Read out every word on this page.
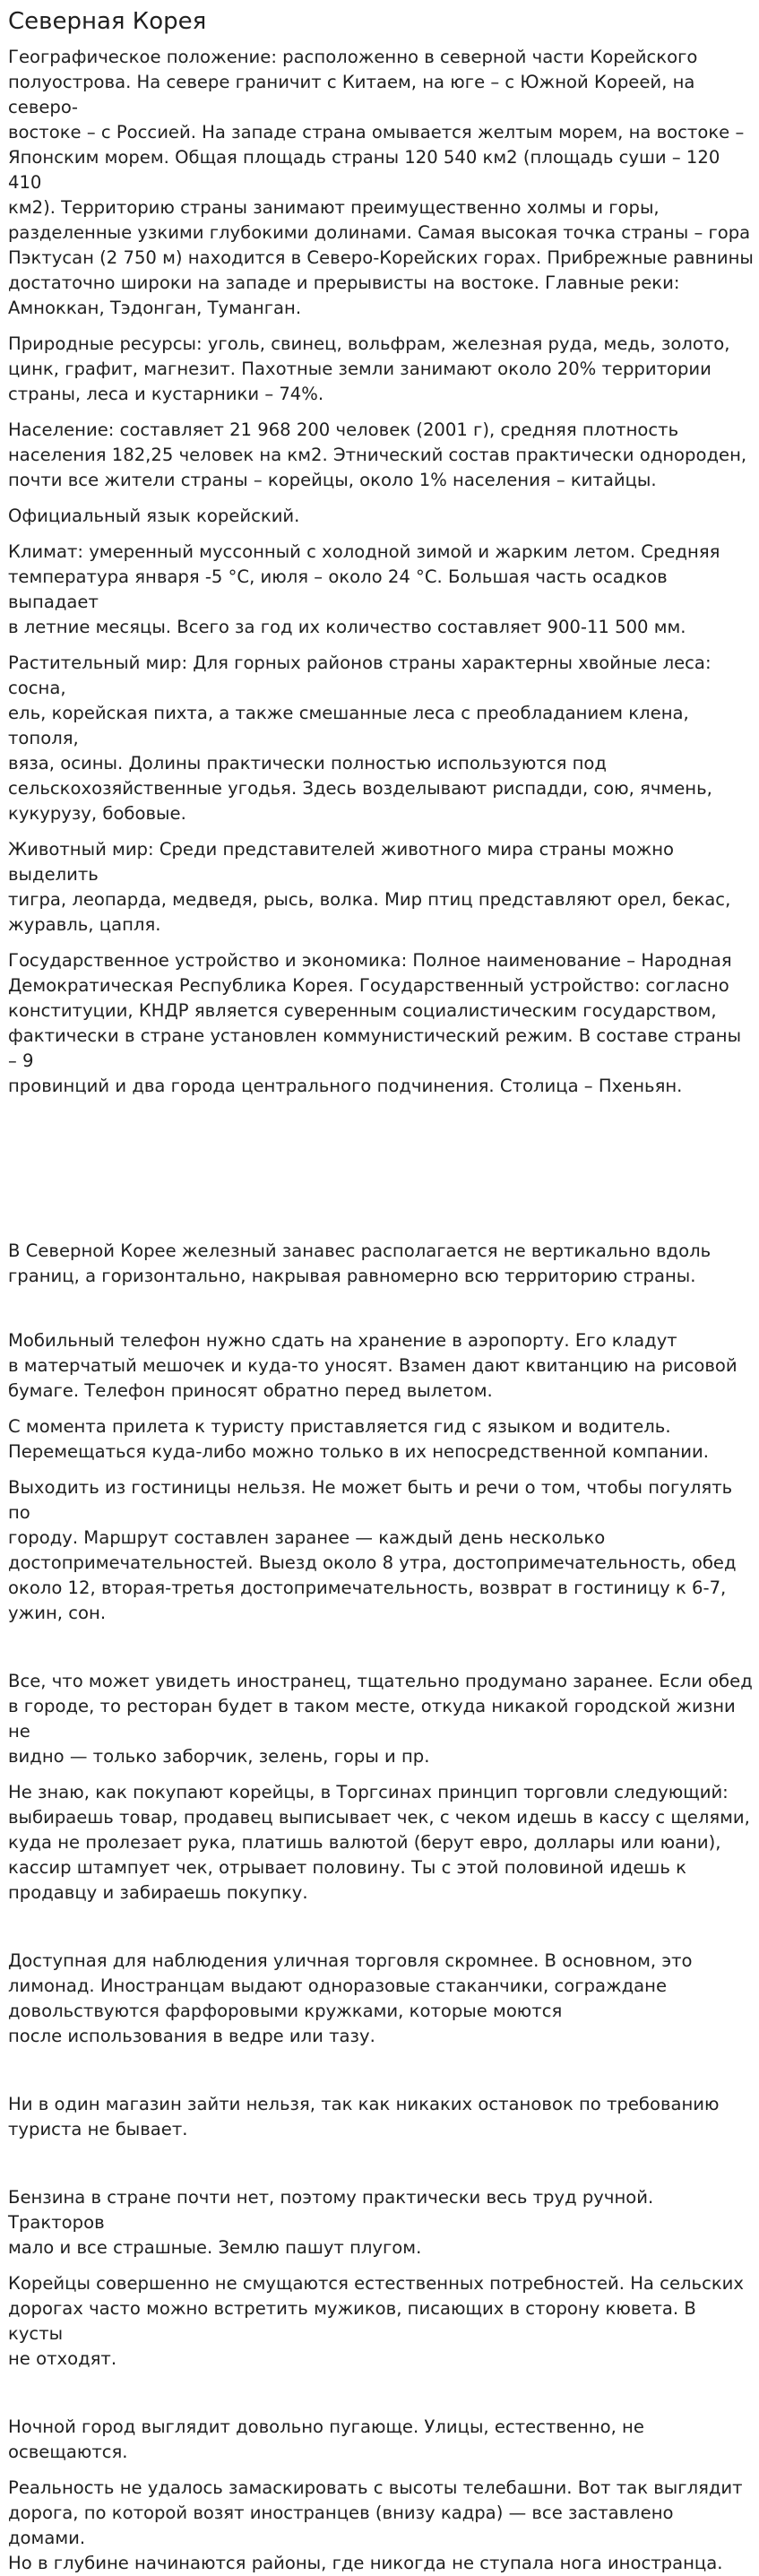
Северная Корея

Географическое положение: расположенно в северной части Корейского
полуострова. На севере граничит с Китаем, на юге – с Южной Кореей, на северо-
востоке – с Россией. На западе страна омывается желтым морем, на востоке –
Японским морем. Общая площадь страны 120 540 км2 (площадь суши – 120 410
км2). Территорию страны занимают преимущественно холмы и горы,
разделенные узкими глубокими долинами. Самая высокая точка страны – гора
Пэктусан (2 750 м) находится в Северо-Корейских горах. Прибрежные равнины
достаточно широки на западе и прерывисты на востоке. Главные реки:
Амноккан, Тэдонган, Туманган.

Природные ресурсы: уголь, свинец, вольфрам, железная руда, медь, золото,
цинк, графит, магнезит. Пахотные земли занимают около 20% территории
страны, леса и кустарники – 74%.

Население: составляет 21 968 200 человек (2001 г), средняя плотность
населения 182,25 человек на км2. Этнический состав практически однороден,
почти все жители страны – корейцы, около 1% населения – китайцы.

Официальный язык корейский.

Климат: умеренный муссонный с холодной зимой и жарким летом. Средняя
температура января -5 °С, июля – около 24 °С. Большая часть осадков выпадает
в летние месяцы. Всего за год их количество составляет 900-11 500 мм.

Растительный мир: Для горных районов страны характерны хвойные леса: сосна,
ель, корейская пихта, а также смешанные леса с преобладанием клена, тополя,
вяза, осины. Долины практически полностью используются под
сельскохозяйственные угодья. Здесь возделывают риспадди, сою, ячмень,
кукурузу, бобовые.

Животный мир: Среди представителей животного мира страны можно выделить
тигра, леопарда, медведя, рысь, волка. Мир птиц представляют орел, бекас,
журавль, цапля.

Государственное устройство и экономика: Полное наименование – Народная
Демократическая Республика Корея. Государственный устройство: согласно
конституции, КНДР является суверенным социалистическим государством,
фактически в стране установлен коммунистический режим. В составе страны – 9
провинций и два города центрального подчинения. Столица – Пхеньян.

В Северной Корее железный занавес располагается не вертикально вдоль
границ, а горизонтально, накрывая равномерно всю территорию страны.

Мобильный телефон нужно сдать на хранение в аэропорту. Его кладут
в матерчатый мешочек и куда-то уносят. Взамен дают квитанцию на рисовой
бумаге. Телефон приносят обратно перед вылетом.

С момента прилета к туристу приставляется гид с языком и водитель.
Перемещаться куда-либо можно только в их непосредственной компании.

Выходить из гостиницы нельзя. Не может быть и речи о том, чтобы погулять по
городу. Маршрут составлен заранее — каждый день несколько
достопримечательностей. Выезд около 8 утра, достопримечательность, обед
около 12, вторая-третья достопримечательность, возврат в гостиницу к 6-7,
ужин, сон.

Все, что может увидеть иностранец, тщательно продумано заранее. Если обед
в городе, то ресторан будет в таком месте, откуда никакой городской жизни не
видно — только заборчик, зелень, горы и пр.

Не знаю, как покупают корейцы, в Торгсинах принцип торговли следующий:
выбираешь товар, продавец выписывает чек, с чеком идешь в кассу с щелями,
куда не пролезает рука, платишь валютой (берут евро, доллары или юани),
кассир штампует чек, отрывает половину. Ты с этой половиной идешь к
продавцу и забираешь покупку.

Доступная для наблюдения уличная торговля скромнее. В основном, это
лимонад. Иностранцам выдают одноразовые стаканчики, сограждане
довольствуются фарфоровыми кружками, которые моются
после использования в ведре или тазу.

Ни в один магазин зайти нельзя, так как никаких остановок по требованию
туриста не бывает.

Бензина в стране почти нет, поэтому практически весь труд ручной. Тракторов
мало и все страшные. Землю пашут плугом.

Корейцы совершенно не смущаются естественных потребностей. На сельских
дорогах часто можно встретить мужиков, писающих в сторону кювета. В кусты
не отходят.

Ночной город выглядит довольно пугающе. Улицы, естественно, не освещаются.

Реальность не удалось замаскировать с высоты телебашни. Вот так выглядит
дорога, по которой возят иностранцев (внизу кадра) — все заставлено домами.
Но в глубине начинаются районы, где никогда не ступала нога иностранца.
